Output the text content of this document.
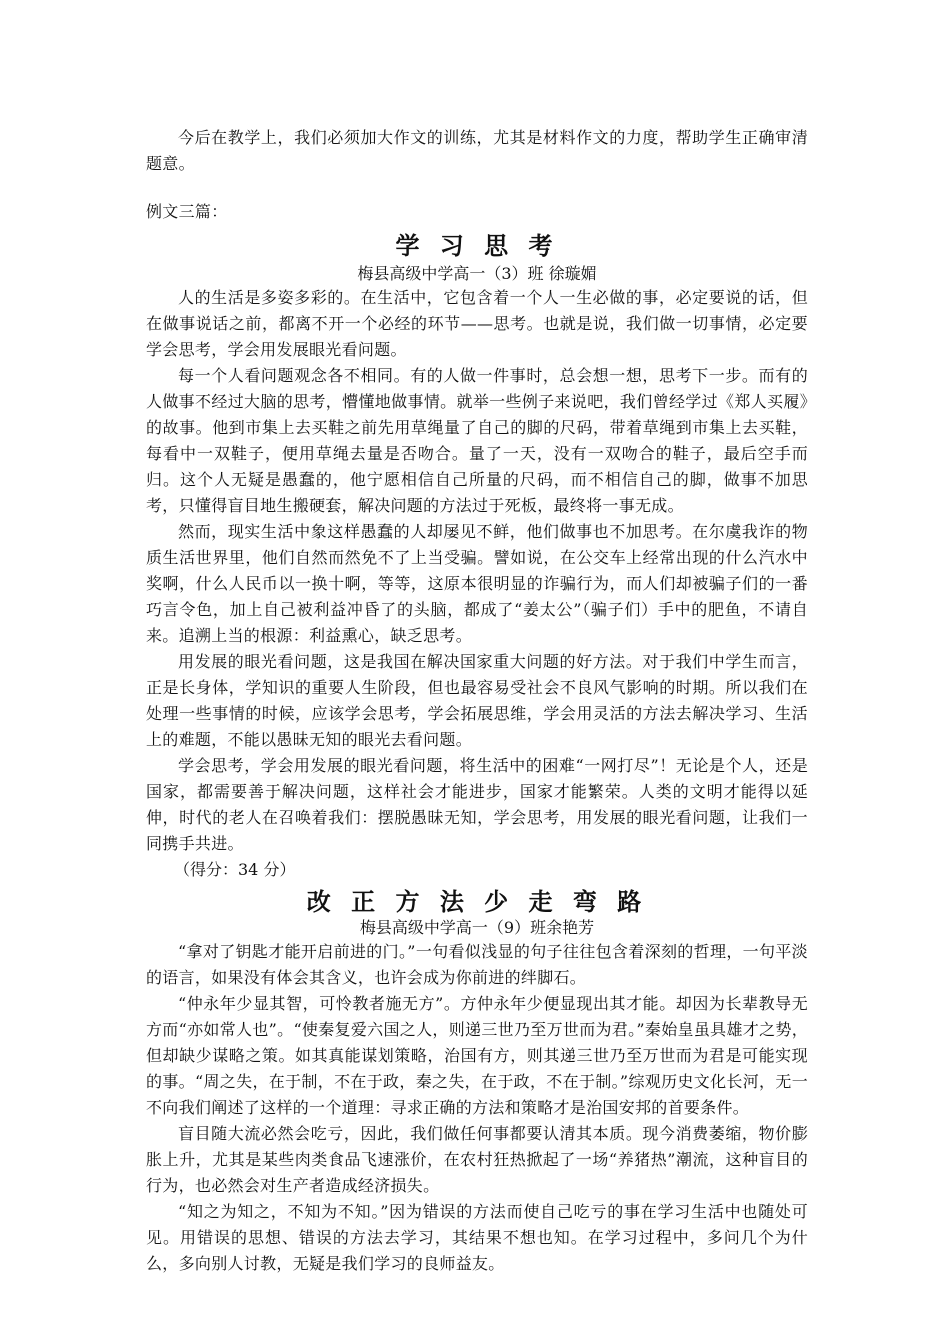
今后在教学上，我们必须加大作文的训练，尤其是材料作文的力度，帮助学生正确审清题意。

例文三篇：

学 习 思 考

梅县高级中学高一（3）班 徐璇媚

人的生活是多姿多彩的。在生活中，它包含着一个人一生必做的事，必定要说的话，但在做事说话之前，都离不开一个必经的环节——思考。也就是说，我们做一切事情，必定要学会思考，学会用发展眼光看问题。

每一个人看问题观念各不相同。有的人做一件事时，总会想一想，思考下一步。而有的人做事不经过大脑的思考，懵懂地做事情。就举一些例子来说吧，我们曾经学过《郑人买履》的故事。他到市集上去买鞋之前先用草绳量了自己的脚的尺码，带着草绳到市集上去买鞋，每看中一双鞋子，便用草绳去量是否吻合。量了一天，没有一双吻合的鞋子，最后空手而归。这个人无疑是愚蠢的，他宁愿相信自己所量的尺码，而不相信自己的脚，做事不加思考，只懂得盲目地生搬硬套，解决问题的方法过于死板，最终将一事无成。

然而，现实生活中象这样愚蠢的人却屡见不鲜，他们做事也不加思考。在尔虞我诈的物质生活世界里，他们自然而然免不了上当受骗。譬如说，在公交车上经常出现的什么汽水中奖啊，什么人民币以一换十啊，等等，这原本很明显的诈骗行为，而人们却被骗子们的一番巧言令色，加上自己被利益冲昏了的头脑，都成了“姜太公”（骗子们）手中的肥鱼，不请自来。追溯上当的根源：利益熏心，缺乏思考。

用发展的眼光看问题，这是我国在解决国家重大问题的好方法。对于我们中学生而言，正是长身体，学知识的重要人生阶段，但也最容易受社会不良风气影响的时期。所以我们在处理一些事情的时候，应该学会思考，学会拓展思维，学会用灵活的方法去解决学习、生活上的难题，不能以愚昧无知的眼光去看问题。

学会思考，学会用发展的眼光看问题，将生活中的困难“一网打尽”！无论是个人，还是国家，都需要善于解决问题，这样社会才能进步，国家才能繁荣。人类的文明才能得以延伸，时代的老人在召唤着我们：摆脱愚昧无知，学会思考，用发展的眼光看问题，让我们一同携手共进。

（得分：34 分）

改 正 方 法 少 走 弯 路

梅县高级中学高一（9）班余艳芳

“拿对了钥匙才能开启前进的门。”一句看似浅显的句子往往包含着深刻的哲理，一句平淡的语言，如果没有体会其含义，也许会成为你前进的绊脚石。

“仲永年少显其智，可怜教者施无方”。方仲永年少便显现出其才能。却因为长辈教导无方而“亦如常人也”。“使秦复爱六国之人，则递三世乃至万世而为君。”秦始皇虽具雄才之势，但却缺少谋略之策。如其真能谋划策略，治国有方，则其递三世乃至万世而为君是可能实现的事。“周之失，在于制，不在于政，秦之失，在于政，不在于制。”综观历史文化长河，无一不向我们阐述了这样的一个道理：寻求正确的方法和策略才是治国安邦的首要条件。

盲目随大流必然会吃亏，因此，我们做任何事都要认清其本质。现今消费萎缩，物价膨胀上升，尤其是某些肉类食品飞速涨价，在农村狂热掀起了一场“养猪热”潮流，这种盲目的行为，也必然会对生产者造成经济损失。

“知之为知之，不知为不知。”因为错误的方法而使自己吃亏的事在学习生活中也随处可见。用错误的思想、错误的方法去学习，其结果不想也知。在学习过程中，多问几个为什么，多向别人讨教，无疑是我们学习的良师益友。
